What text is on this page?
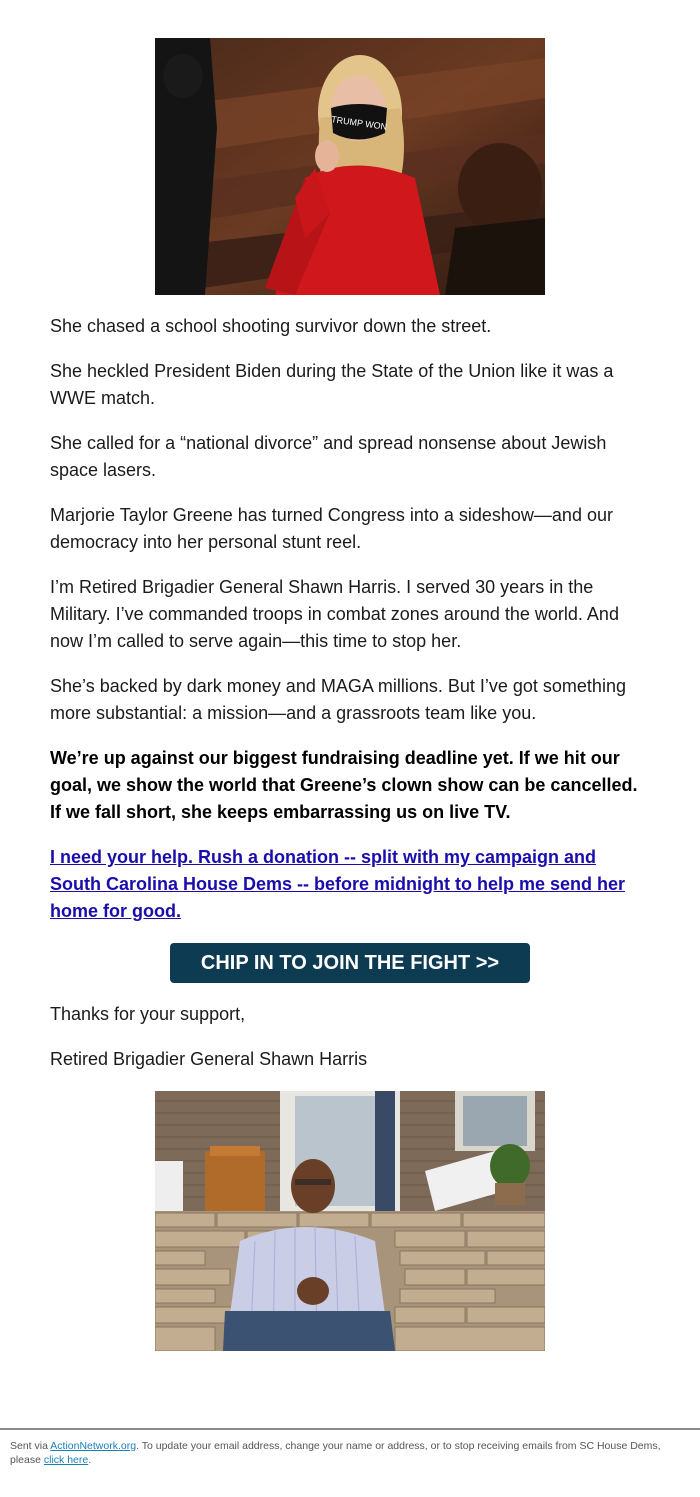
TRUMP WON

She chased a school shooting survivor down the street.

She heckled President Biden during the State of the Union like it was a WWE match.

She called for a “national divorce” and spread nonsense about Jewish space lasers.

Marjorie Taylor Greene has turned Congress into a sideshow—and our democracy into her personal stunt reel.

I’m Retired Brigadier General Shawn Harris. I served 30 years in the Military. I’ve commanded troops in combat zones around the world. And now I’m called to serve again—this time to stop her.

She’s backed by dark money and MAGA millions. But I’ve got something more substantial: a mission—and a grassroots team like you.

We’re up against our biggest fundraising deadline yet. If we hit our goal, we show the world that Greene’s clown show can be cancelled. If we fall short, she keeps embarrassing us on live TV.

I need your help. Rush a donation -- split with my campaign and South Carolina House Dems -- before midnight to help me send her home for good.

CHIP IN TO JOIN THE FIGHT >>

Thanks for your support,

Retired Brigadier General Shawn Harris

Sent via ActionNetwork.org. To update your email address, change your name or address, or to stop receiving emails from SC House Dems, please click here.
